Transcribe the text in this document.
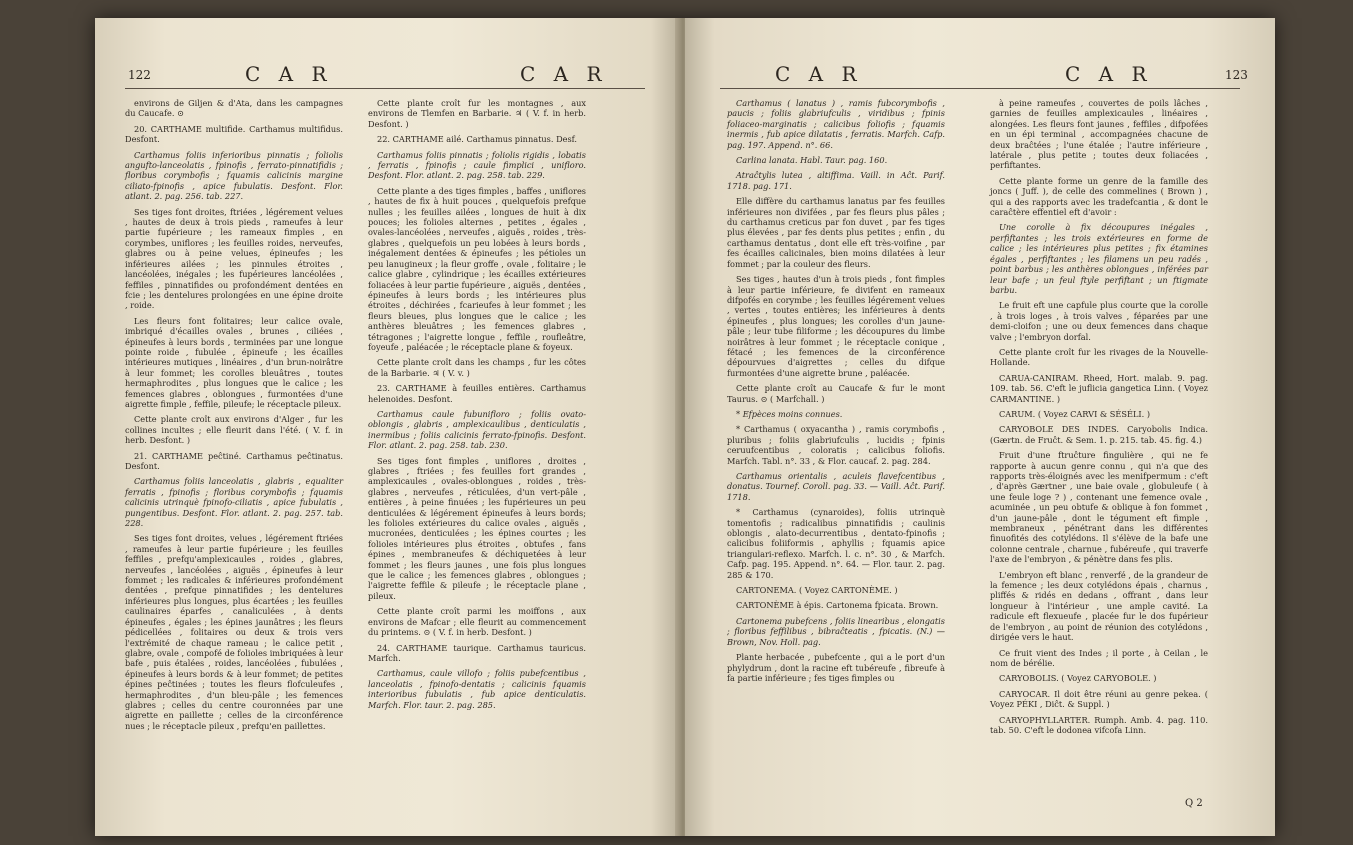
122	C A R	C A R

environs de Giljen & d'Ata, dans les campagnes du Caucafe. ⊙

20. CARTHAME multifide. Carthamus multifidus. Desfont.

Carthamus foliis inferioribus pinnatis ; foliolis angufto-lanceolatis , fpinofis , ferrato-pinnatifidis ; floribus corymbofis ; fquamis calicinis margine ciliato-fpinofis , apice fubulatis. Desfont. Flor. atlant. 2. pag. 256. tab. 227.

Ses tiges font droites, ftriées , légérement velues , hautes de deux à trois pieds , rameufes à leur partie fupérieure ; les rameaux fimples , en corymbes, uniflores ; les feuilles roides, nerveufes, glabres ou à peine velues, épineufes ; les inférieures ailées ; les pinnules étroites , lancéolées, inégales ; les fupérieures lancéolées , feffiles , pinnatifides ou profondément dentées en fcie ; les dentelures prolongées en une épine droite , roide.

Les fleurs font folitaires; leur calice ovale, imbriqué d'écailles ovales , brunes , ciliées , épineufes à leurs bords , terminées par une longue pointe roide , fubulée , épineufe ; les écailles intérieures mutiques , linéaires , d'un brun-noirâtre à leur fommet; les corolles bleuâtres , toutes hermaphrodites , plus longues que le calice ; les femences glabres , oblongues , furmontées d'une aigrette fimple , feffile, pileufe; le réceptacle pileux.

Cette plante croît aux environs d'Alger , fur les collines incultes ; elle fleurit dans l'été. ( V. f. in herb. Desfont. )

21. CARTHAME peĉtiné. Carthamus peĉtinatus. Desfont.

Carthamus foliis lanceolatis , glabris , equaliter ferratis , fpinofis ; floribus corymbofis ; fquamis calicinis utrinquè fpinofo-ciliatis , apice fubulatis , pungentibus. Desfont. Flor. atlant. 2. pag. 257. tab. 228.

Ses tiges font droites, velues , légérement ftriées , rameufes à leur partie fupérieure ; les feuilles feffiles , prefqu'amplexicaules , roides , glabres, nerveufes , lancéolées , aiguës , épineufes à leur fommet ; les radicales & inférieures profondément dentées , prefque pinnatifides ; les dentelures inférieures plus longues, plus écartées ; les feuilles caulinaires éparfes , canaliculées , à dents épineufes , égales ; les épines jaunâtres ; les fleurs pédicellées , folitaires ou deux & trois vers l'extrémité de chaque rameau ; le calice petit , glabre, ovale , compofé de folioles imbriquées à leur bafe , puis étalées , roides, lancéolées , fubulées , épineufes à leurs bords & à leur fommet; de petites épines peĉtinées ; toutes les fleurs flofculeufes , hermaphrodites , d'un bleu-pâle ; les femences glabres ; celles du centre couronnées par une aigrette en paillette ; celles de la circonférence nues ; le réceptacle pileux , prefqu'en paillettes.

Cette plante croît fur les montagnes , aux environs de Tlemfen en Barbarie. ♃ ( V. f. in herb. Desfont. )

22. CARTHAME ailé. Carthamus pinnatus. Desf.

Carthamus foliis pinnatis ; foliolis rigidis , lobatis , ferratis , fpinofis ; caule fimplici , unifloro. Desfont. Flor. atlant. 2. pag. 258. tab. 229.

Cette plante a des tiges fimples , baffes , uniflores , hautes de fix à huit pouces , quelquefois prefque nulles ; les feuilles ailées , longues de huit à dix pouces; les folioles alternes , petites , égales , ovales-lancéolées , nerveufes , aiguës , roides , très-glabres , quelquefois un peu lobées à leurs bords , inégalement dentées & épineufes ; les pétioles un peu lanugineux ; la fleur groffe , ovale , folitaire ; le calice glabre , cylindrique ; les écailles extérieures foliacées à leur partie fupérieure , aiguës , dentées , épineufes à leurs bords ; les intérieures plus étroites , déchirées , fcarieufes à leur fommet ; les fleurs bleues, plus longues que le calice ; les anthères bleuâtres ; les femences glabres , tétragones ; l'aigrette longue , feffile , roufleâtre, foyeufe , paléacée ; le réceptacle plane & foyeux.

Cette plante croît dans les champs , fur les côtes de la Barbarie. ♃ ( V. v. )

23. CARTHAME à feuilles entières. Carthamus helenoides. Desfont.

Carthamus caule fubunifloro ; foliis ovato-oblongis , glabris , amplexicaulibus , denticulatis , inermibus ; foliis calicinis ferrato-fpinofis. Desfont. Flor. atlant. 2. pag. 258. tab. 230.

Ses tiges font fimples , uniflores , droites , glabres , ftriées ; fes feuilles fort grandes , amplexicaules , ovales-oblongues , roides , très-glabres , nerveufes , réticulées, d'un vert-pâle , entières , à peine finuées ; les fupérieures un peu denticulées & légérement épineufes à leurs bords; les folioles extérieures du calice ovales , aiguës , mucronées, denticulées ; les épines courtes ; les folioles intérieures plus étroites , obtufes , fans épines , membraneufes & déchiquetées à leur fommet ; les fleurs jaunes , une fois plus longues que le calice ; les femences glabres , oblongues ; l'aigrette feffile & pileufe ; le réceptacle plane , pileux.

Cette plante croît parmi les moiffons , aux environs de Mafcar ; elle fleurit au commencement du printems. ⊙ ( V. f. in herb. Desfont. )

24. CARTHAME taurique. Carthamus tauricus. Marfch.

Carthamus, caule villofo ; foliis pubefcentibus , lanceolatis , fpinofo-dentatis ; calicinis fquamis interioribus fubulatis , fub apice denticulatis. Marfch. Flor. taur. 2. pag. 285.

C A R	C A R	123

Carthamus ( lanatus ) , ramis fubcorymbofis , paucis ; foliis glabriufculis , viridibus ; fpinis foliaceo-marginatis ; calicibus foliofis ; fquamis inermis , fub apice dilatatis , ferratis. Marfch. Cafp. pag. 197. Append. n°. 66.

Carlina lanata. Habl. Taur. pag. 160.

Atraĉtylis lutea , altiffima. Vaill. in Aĉt. Parif. 1718. pag. 171.

Elle diffère du carthamus lanatus par fes feuilles inférieures non divifées , par fes fleurs plus pâles ; du carthamus creticus par fon duvet , par fes tiges plus élevées , par fes dents plus petites ; enfin , du carthamus dentatus , dont elle eft très-voifine , par fes écailles calicinales, bien moins dilatées à leur fommet ; par la couleur des fleurs.

Ses tiges , hautes d'un à trois pieds , font fimples à leur partie inférieure, fe divifent en rameaux difpofés en corymbe ; les feuilles légérement velues , vertes , toutes entières; les inférieures à dents épineufes , plus longues; les corolles d'un jaune-pâle ; leur tube filiforme ; les découpures du limbe noirâtres à leur fommet ; le réceptacle conique , fétacé ; les femences de la circonférence dépourvues d'aigrettes ; celles du difque furmontées d'une aigrette brune , paléacée.

Cette plante croît au Caucafe & fur le mont Taurus. ⊙ ( Marfchall. )

* Efpèces moins connues.

* Carthamus ( oxyacantha ) , ramis corymbofis , pluribus ; foliis glabriufculis , lucidis ; fpinis ceruufcentibus , coloratis ; calicibus foliofis. Marfch. Tabl. n°. 33 , & Flor. caucaf. 2. pag. 284.

Carthamus orientalis , aculeis flavefcentibus , donatus. Tournef. Coroll. pag. 33. — Vaill. Aĉt. Parif. 1718.

* Carthamus (cynaroides), foliis utrinquè tomentofis ; radicalibus pinnatifidis ; caulinis oblongis , alato-decurrentibus , dentato-fpinofis ; calicibus foliiformis , aphyllis ; fquamis apice triangulari-reflexo. Marfch. l. c. n°. 30 , & Marfch. Cafp. pag. 195. Append. n°. 64. — Flor. taur. 2. pag. 285 & 170.

CARTONEMA. ( Voyez CARTONÈME. )

CARTONÈME à épis. Cartonema fpicata. Brown.

Cartonema pubefcens , foliis linearibus , elongatis ; floribus feffilibus , bibraĉteatis , fpicatis. (N.) — Brown, Nov. Holl. pag.

Plante herbacée , pubefcente , qui a le port d'un phylydrum , dont la racine eft tubéreufe , fibreufe à fa partie inférieure ; fes tiges fimples ou

à peine rameufes , couvertes de poils lâches , garnies de feuilles amplexicaules , linéaires , alongées. Les fleurs font jaunes , feffiles , difpofées en un épi terminal , accompagnées chacune de deux braĉtées ; l'une étalée ; l'autre inférieure , latérale , plus petite ; toutes deux foliacées , perfiftantes.

Cette plante forme un genre de la famille des joncs ( Juff. ), de celle des commelines ( Brown ) , qui a des rapports avec les tradefcantia , & dont le caraĉtère effentiel eft d'avoir :

Une corolle à fix découpures inégales , perfiftantes ; les trois extérieures en forme de calice ; les intérieures plus petites ; fix étamines égales , perfiftantes ; les filamens un peu radés , point barbus ; les anthères oblongues , inférées par leur bafe ; un feul ftyle perfiftant ; un ftigmate barbu.

Le fruit eft une capfule plus courte que la corolle , à trois loges , à trois valves , féparées par une demi-cloifon ; une ou deux femences dans chaque valve ; l'embryon dorfal.

Cette plante croît fur les rivages de la Nouvelle-Hollande.

CARUA-CANIRAM. Rheed, Hort. malab. 9. pag. 109. tab. 56. C'eft le juflicia gangetica Linn. ( Voyez CARMANTINE. )

CARUM. ( Voyez CARVI & SÉSÉLI. )

CARYOBOLE DES INDES. Caryobolis Indica. (Gærtn. de Fruĉt. & Sem. 1. p. 215. tab. 45. fig. 4.)

Fruit d'une ftruĉture fingulière , qui ne fe rapporte à aucun genre connu , qui n'a que des rapports très-éloignés avec les menifpermum : c'eft , d'après Gærtner , une baie ovale , globuleufe ( à une feule loge ? ) , contenant une femence ovale , acuminée , un peu obtufe & oblique à fon fommet , d'un jaune-pâle , dont le tégument eft fimple , membraneux , pénétrant dans les différentes finuofités des cotylédons. Il s'élève de la bafe une colonne centrale , charnue , fubéreufe , qui traverfe l'axe de l'embryon , & pénètre dans fes plis.

L'embryon eft blanc , renverfé , de la grandeur de la femence ; les deux cotylédons épais , charnus , pliffés & ridés en dedans , offrant , dans leur longueur à l'intérieur , une ample cavité. La radicule eft flexueufe , placée fur le dos fupérieur de l'embryon , au point de réunion des cotylédons , dirigée vers le haut.

Ce fruit vient des Indes ; il porte , à Ceilan , le nom de bérélie.

CARYOBOLIS. ( Voyez CARYOBOLE. )

CARYOCAR. Il doit être réuni au genre pekea. ( Voyez PÉKI , Diĉt. & Suppl. )

CARYOPHYLLARTER. Rumph. Amb. 4. pag. 110. tab. 50. C'eft le dodonea vifcofa Linn.

Q 2
